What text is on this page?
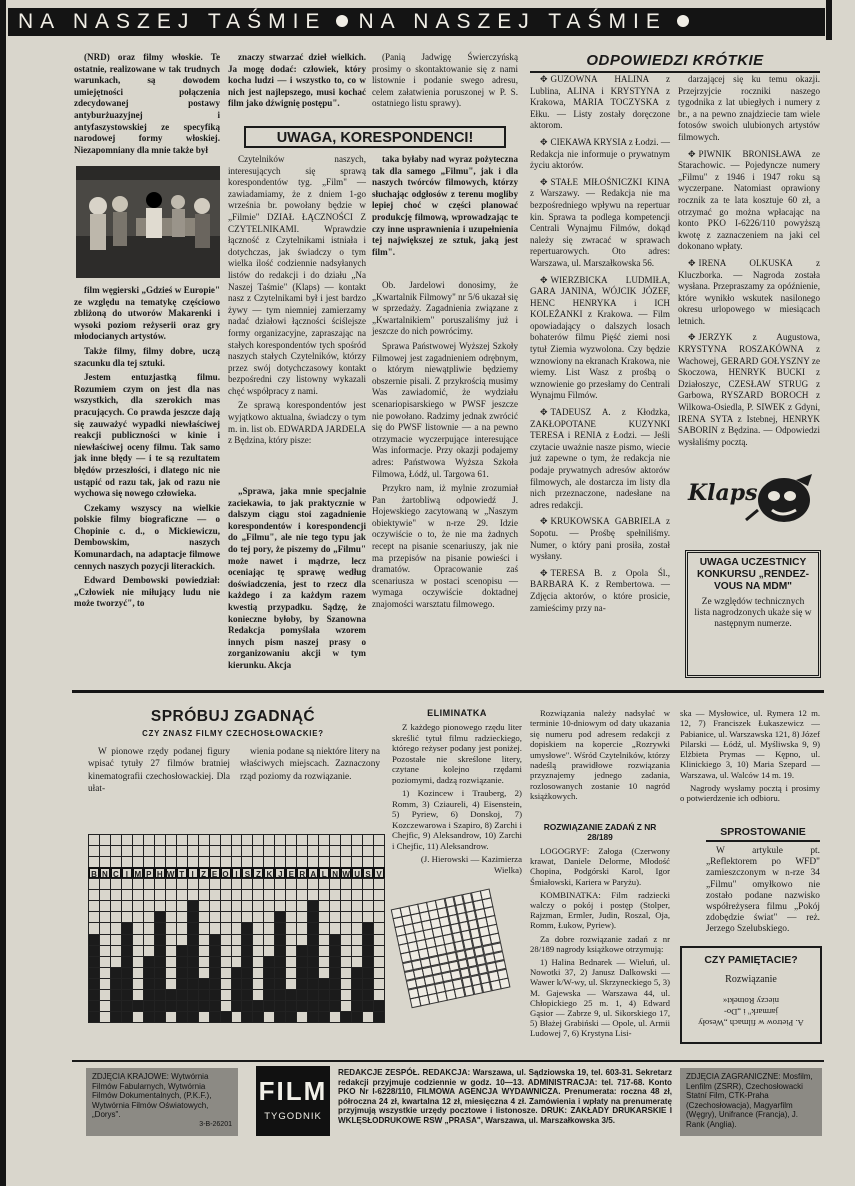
NA NASZEJ TAŚMIE NA NASZEJ TAŚMIE

(NRD) oraz filmy włoskie. Te ostatnie, realizowane w tak trudnych warunkach, są dowodem umiejętności połączenia zdecydowanej postawy antyburżuazyjnej i antyfaszystowskiej ze specyfiką narodowej formy włoskiej. Niezapomniany dla mnie także był

film węgierski „Gdzieś w Europie" ze względu na tematykę częściowo zbliżoną do utworów Makarenki i wysoki poziom reżyserii oraz gry młodocianych artystów.

Także filmy, filmy dobre, uczą szacunku dla tej sztuki.

Jestem entuzjastką filmu. Rozumiem czym on jest dla nas wszystkich, dla szerokich mas pracujących. Co prawda jeszcze dają się zauważyć wypadki niewłaściwej reakcji publiczności w kinie i niewłaściwej oceny filmu. Tak samo jak inne błędy — i te są rezultatem błędów przeszłości, i dlatego nic nie ustąpić od razu tak, jak od razu nie wychowa się nowego człowieka.

Czekamy wszyscy na wielkie polskie filmy biograficzne — o Chopinie c. d., o Mickiewiczu, Dembowskim, naszych Komunardach, na adaptacje filmowe cennych naszych pozycji literackich.

Edward Dembowski powiedział: „Człowiek nie miłujący ludu nie może tworzyć", to

znaczy stwarzać dzieł wielkich. Ja mogę dodać: człowiek, który kocha ludzi — i wszystko to, co w nich jest najlepszego, musi kochać film jako dźwignię postępu".

(Panią Jadwigę Świerczyńską prosimy o skontaktowanie się z nami listownie i podanie swego adresu, celem załatwienia poruszonej w P. S. ostatniego listu sprawy).

UWAGA, KORESPONDENCI!

Czytelników naszych, interesujących się sprawą korespondentów tyg. „Film" — zawiadamiamy, że z dniem 1-go września br. powołany będzie w „Filmie" DZIAŁ ŁĄCZNOŚCI Z CZYTELNIKAMI. Wprawdzie łączność z Czytelnikami istniała i dotychczas, jak świadczy o tym wielka ilość codziennie nadsyłanych listów do redakcji i do działu „Na Naszej Taśmie" (Klaps) — kontakt nasz z Czytelnikami był i jest bardzo żywy — tym niemniej zamierzamy nadać działowi łączności ściślejsze formy organizacyjne, zapraszając na stałych korespondentów tych spośród naszych stałych Czytelników, którzy przez swój dotychczasowy kontakt bezpośredni czy listowny wykazali chęć współpracy z nami.

Ze sprawą korespondentów jest wyjątkowo aktualna, świadczy o tym m. in. list ob. EDWARDA JARDELA z Będzina, który pisze:

„Sprawa, jaka mnie specjalnie zaciekawia, to jak praktycznie w dalszym ciągu stoi zagadnienie korespondentów i korespondencji do „Filmu", ale nie tego typu jak do tej pory, że piszemy do „Filmu" może nawet i mądrze, lecz oceniając tę sprawę według doświadczenia, jest to rzecz dla każdego i za każdym razem kwestią przypadku. Sądzę, że konieczne byłoby, by Szanowna Redakcja pomyślała wzorem innych pism naszej prasy o zorganizowaniu akcji w tym kierunku. Akcja

taka byłaby nad wyraz pożyteczna tak dla samego „Filmu", jak i dla naszych twórców filmowych, którzy słuchając odgłosów z terenu mogliby lepiej choć w części planować produkcję filmową, wprowadzając te czy inne usprawnienia i uzupełnienia tej największej ze sztuk, jaką jest film".

Ob. Jardelowi donosimy, że „Kwartalnik Filmowy" nr 5/6 ukazał się w sprzedaży. Zagadnienia związane z „Kwartalnikiem" poruszaliśmy już i jeszcze do nich powrócimy.

Sprawa Państwowej Wyższej Szkoły Filmowej jest zagadnieniem odrębnym, o którym niewątpliwie będziemy obszernie pisali. Z przykrością musimy Was zawiadomić, że wydziału scenariopisarskiego w PWSF jeszcze nie powołano. Radzimy jednak zwrócić się do PWSF listownie — a na pewno otrzymacie wyczerpujące interesujące Was informacje. Przy okazji podajemy adres: Państwowa Wyższa Szkoła Filmowa, Łódź, ul. Targowa 61.

Przykro nam, iż mylnie zrozumiał Pan żartobliwą odpowiedź J. Hojewskiego zacytowaną w „Naszym obiektywie" w n-rze 29. Idzie oczywiście o to, że nie ma żadnych recept na pisanie scenariuszy, jak nie ma przepisów na pisanie powieści i dramatów. Opracowanie zaś scenariusza w postaci scenopisu — wymaga oczywiście doktadnej znajomości warsztatu filmowego.

ODPOWIEDZI KRÓTKIE

✥ GUZOWNA HALINA z Lublina, ALINA i KRYSTYNA z Krakowa, MARIA TOCZYSKA z Ełku. — Listy zostały doręczone aktorom.

✥ CIEKAWA KRYSIA z Łodzi. — Redakcja nie informuje o prywatnym życiu aktorów.

✥ STAŁE MIŁOŚNICZKI KINA z Warszawy. — Redakcja nie ma bezpośredniego wpływu na repertuar kin. Sprawa ta podlega kompetencji Centrali Wynajmu Filmów, dokąd należy się zwracać w sprawach repertuarowych. Oto adres: Warszawa, ul. Marszałkowska 56.

✥ WIERZBICKA LUDMIŁA, GARA JANINA, WÓJCIK JÓZEF, HENC HENRYKA i ICH KOLEŻANKI z Krakowa. — Film opowiadający o dalszych losach bohaterów filmu Pięść ziemi nosi tytuł Ziemia wyzwolona. Czy będzie wznowiony na ekranach Krakowa, nie wiemy. List Wasz z prośbą o wznowienie go przesłamy do Centrali Wynajmu Filmów.

✥ TADEUSZ A. z Kłodzka, ZAKŁOPOTANE KUZYNKI TERESA i RENIA z Łodzi. — Jeśli czytacie uważnie nasze pismo, wiecie już zapewne o tym, że redakcja nie podaje prywatnych adresów aktorów filmowych, ale dostarcza im listy dla nich przeznaczone, nadesłane na adres redakcji.

✥ KRUKOWSKA GABRIELA z Sopotu. — Prośbę spełniliśmy. Numer, o który pani prosiła, został wysłany.

✥ TERESA B. z Opola Śl., BARBARA K. z Rembertowa. — Zdjęcia aktorów, o które prosicie, zamieścimy przy na-

darzającej się ku temu okazji. Przejrzyjcie roczniki naszego tygodnika z lat ubiegłych i numery z br., a na pewno znajdziecie tam wiele fotosów swoich ulubionych artystów filmowych.

✥ PIWNIK BRONISŁAWA ze Starachowic. — Pojedyncze numery „Filmu" z 1946 i 1947 roku są wyczerpane. Natomiast oprawiony rocznik za te lata kosztuje 60 zł, a otrzymać go można wpłacając na konto PKO I-6226/110 powyższą kwotę z zaznaczeniem na jaki cel dokonano wpłaty.

✥ IRENA OLKUSKA z Kluczborka. — Nagroda została wysłana. Przepraszamy za opóźnienie, które wynikło wskutek nasilonego okresu urlopowego w miesiącach letnich.

✥ JERZYK z Augustowa, KRYSTYNA ROSZAKÓWNA z Wachowej, GERARD GOŁYSZNY ze Skoczowa, HENRYK BUCKI z Działoszyc, CZESŁAW STRUG z Garbowa, RYSZARD BOROCH z Wilkowa-Osiedla, P. SIWEK z Gdyni, IRENA SYTA z Istebnej, HENRYK SABORIN z Będzina. — Odpowiedzi wysłaliśmy pocztą.

Klaps
UWAGA UCZESTNICY KONKURSU „RENDEZ-VOUS NA MDM"
Ze względów technicznych lista nagrodzonych ukaże się w następnym numerze.
SPRÓBUJ ZGADNĄĆ
CZY ZNASZ FILMY CZECHOSŁOWACKIE?

W pionowe rzędy podanej figury wpisać tytuły 27 filmów bratniej kinematografii czechosłowackiej. Dla ułat-

wienia podane są niektóre litery na właściwych miejscach. Zaznaczony rząd poziomy da rozwiązanie.

B N C I M P H W T I Z E O I S Z K J E R A L N W U S V
ELIMINATKA

Z każdego pionowego rzędu liter skreślić tytuł filmu radzieckiego, którego reżyser podany jest poniżej. Pozostałe nie skreślone litery, czytane kolejno rzędami poziomymi, dadzą rozwiązanie.

1) Kozincew i Trauberg, 2) Romm, 3) Cziaureli, 4) Eisenstein, 5) Pyriew, 6) Donskoj, 7) Kozczewarowa i Szapiro, 8) Zarchi i Chejfic, 9) Aleksandrow, 10) Zarchi i Chejfic, 11) Aleksandrow.

(J. Hierowski — Kazimierza Wielka)

Rozwiązania należy nadsyłać w terminie 10-dniowym od daty ukazania się numeru pod adresem redakcji z dopiskiem na kopercie „Rozrywki umysłowe". Wśród Czytelników, którzy nadeślą prawidłowe rozwiązania przyznajemy jednego zadania, rozlosowanych zostanie 10 nagród książkowych.

ROZWIĄZANIE ZADAŃ Z NR 28/189

LOGOGRYF: Załoga (Czerwony krawat, Daniele Delorme, Młodość Chopina, Podgórski Karol, Igor Śmiałowski, Kariera w Paryżu).

KOMBINATKA: Film radziecki walczy o pokój i postęp (Stolper, Rajzman, Ermler, Judin, Roszal, Oja, Romm, Łukow, Pyriew).

Za dobre rozwiązanie zadań z nr 28/189 nagrody książkowe otrzymują:

1) Halina Bednarek — Wieluń, ul. Nowotki 37, 2) Janusz Dalkowski — Wawer k/W-wy, ul. Skrzyneckiego 5, 3) M. Gajewska — Warszawa 44, ul. Chłopickiego 25 m. 1, 4) Edward Gąsior — Zabrze 9, ul. Sikorskiego 17, 5) Błażej Grabiński — Opole, ul. Armii Ludowej 7, 6) Krystyna Lisi-

ska — Mysłowice, ul. Rymera 12 m. 12, 7) Franciszek Łukaszewicz — Pabianice, ul. Warszawska 121, 8) Józef Pilarski — Łódź, ul. Myśliwska 9, 9) Elżbieta Prymas — Kępno, ul. Klinickiego 3, 10) Maria Szepard — Warszawa, ul. Walców 14 m. 19.

Nagrody wysłamy pocztą i prosimy o potwierdzenie ich odbioru.

SPROSTOWANIE

W artykule pt. „Reflektorem po WFD" zamieszczonym w n-rze 34 „Filmu" omyłkowo nie zostało podane nazwisko współreżysera filmu „Pokój zdobędzie świat" — reż. Jerzego Szelubskiego.

CZY PAMIĘTACIE?
Rozwiązanie
A. Pietrow w filmach „Wesoły jarmark" i „Do-
nieczy Rotnekt«
ZDJĘCIA KRAJOWE: Wytwórnia Filmów Fabularnych, Wytwórnia Filmów Dokumentalnych, (P.K.F.), Wytwórnia Filmów Oświatowych, „Dorys".
3-B-26201
FILM
TYGODNIK
REDAKCJE ZESPÓŁ. REDAKCJA: Warszawa, ul. Sądziowska 19, tel. 603-31. Sekretarz redakcji przyjmuje codziennie w godz. 10—13. ADMINISTRACJA: tel. 717-68. Konto PKO Nr I-6228/110, FILMOWA AGENCJA WYDAWNICZA. Prenumerata: roczna 48 zł, półroczna 24 zł, kwartalna 12 zł, miesięczna 4 zł. Zamówienia i wpłaty na prenumeratę przyjmują wszystkie urzędy pocztowe i listonosze. DRUK: ZAKŁADY DRUKARSKIE I WKLĘSŁODRUKOWE RSW „PRASA", Warszawa, ul. Marszałkowska 3/5.
ZDJĘCIA ZAGRANICZNE: Mosfilm, Lenfilm (ZSRR), Czechosłowacki Statní Film, CTK-Praha (Czechosłowacja), Magyarfilm (Węgry), Unifrance (Francja), J. Rank (Anglia).
